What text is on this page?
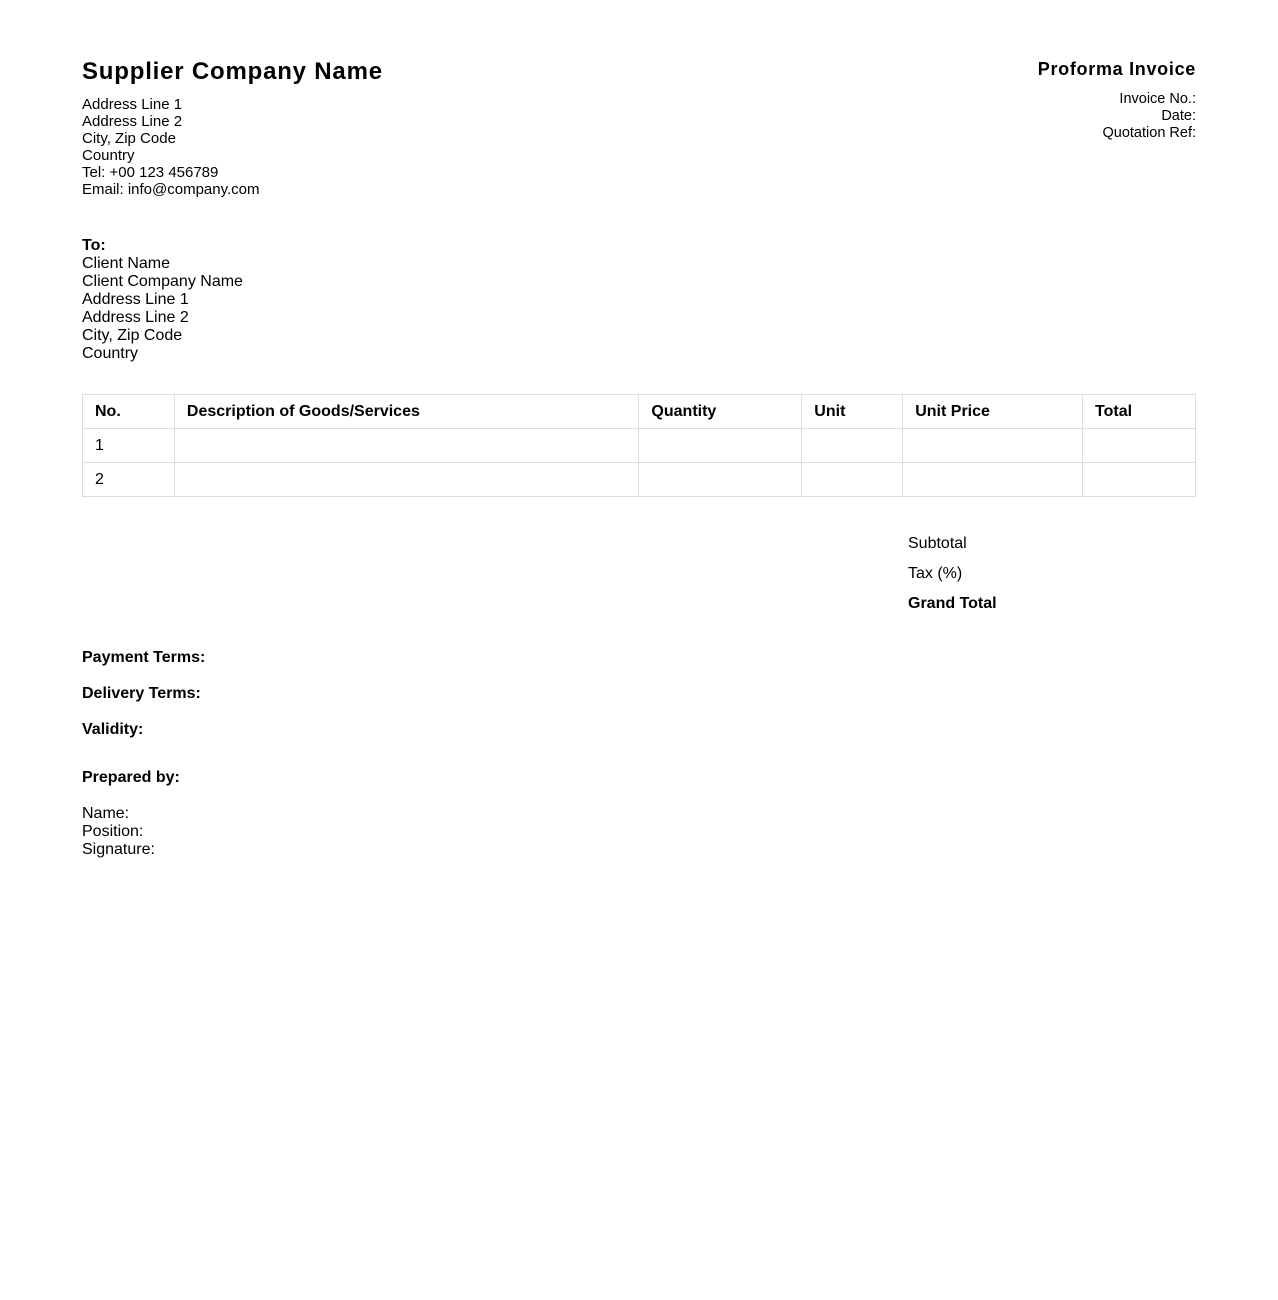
Supplier Company Name
Address Line 1
Address Line 2
City, Zip Code
Country
Tel: +00 123 456789
Email: info@company.com
Proforma Invoice
Invoice No.:
Date:
Quotation Ref:
To:
Client Name
Client Company Name
Address Line 1
Address Line 2
City, Zip Code
Country
No.	Description of Goods/Services	Quantity	Unit	Unit Price	Total
1					
2					
Subtotal
Tax (%)
Grand Total
Payment Terms:
Delivery Terms:
Validity:
Prepared by:
Name:
Position:
Signature:
